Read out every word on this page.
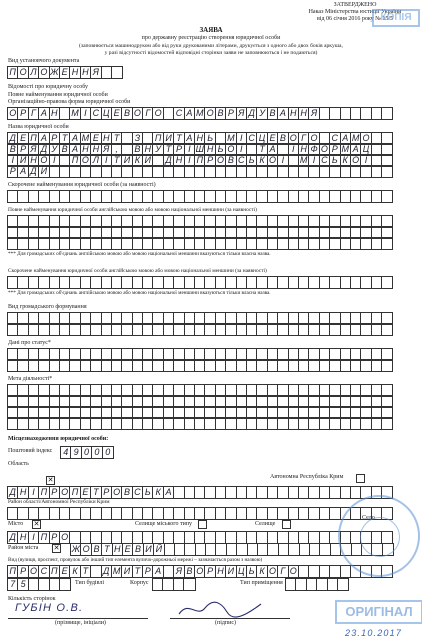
ЗАТВЕРДЖЕНО
Наказ Міністерства юстиції України
від 06 січня 2016 року № 15/5
КОПІЯ
ЗАЯВА
про державну реєстрацію створення юридичної особи
(заповнюється машинодруком або від руки друкованими літерами, друкується з одного або двох боків аркуша,
у разі відсутності відомостей відповідні сторінки заяви не заповнюються і не подаються)
Вид установчого документа
П О Л О Ж Е Н Н Я
Відомості про юридичну особу
Повне найменування юридичної особи
Організаційно-правова форма юридичної особи
О Р Г А Н М І С Ц Е В О Г О С А М О В Р Я Д У В А Н Н Я
Назва юридичної особи
Д Е П А Р Т А М Е Н Т	З	П И Т А Н Ь	М І С Ц Е В О Г О С А М О
В Р Я Д У В А Н Н Я ,	В Н У Т Р І Ш Н Ь О Ї	Т А	І Н Ф О Р М А Ц
І Й Н О Ї	П О Л І Т И К И Д Н І П Р О В С Ь К О Ї	М І С Ь К О Ї
Р А Д И
Скорочене найменування юридичної особи (за наявності)
Повне найменування юридичної особи англійською мовою або мовою національної меншини (за наявності)
*** Для громадських об'єднань англійською мовою або мовою національної меншини вказуються тільки власна назва.
Скорочене найменування юридичної особи англійською мовою або мовою національної меншини (за наявності)
*** Для громадських об'єднань англійською мовою або мовою національної меншини вказуються тільки власна назва.
Вид громадського формування
Дані про статус*
Мета діяльності*
Місцезнаходження юридичної особи:
Поштовий індекс 4 9 0 0 0
Область
✕	Автономна Республіка Крим
Д Н І П Р О П Е Т Р О В С Ь К А
Район області/Автономної Республіки Крим
Місто ✕	Селище міського типу	Селище
Село
Д Н І П Р О
Район міста ✕ Ж О В Т Н Е В И Й
Вид (вулиця, проспект, провулок або інший тип елемента вуличо-дорожньої мережі – зазначається разом з назвою)
П Р О С П Е К Т	Д М И Т Р А Я В О Р Н И Ц Ь К О Г О
7 5	Тип будівлі	Корпус	Тип приміщення
Кількість сторінок
ГУБІН О.В.
(прізвище, ініціали)	(підпис)
ОРИГІНАЛ
23.10.2017
